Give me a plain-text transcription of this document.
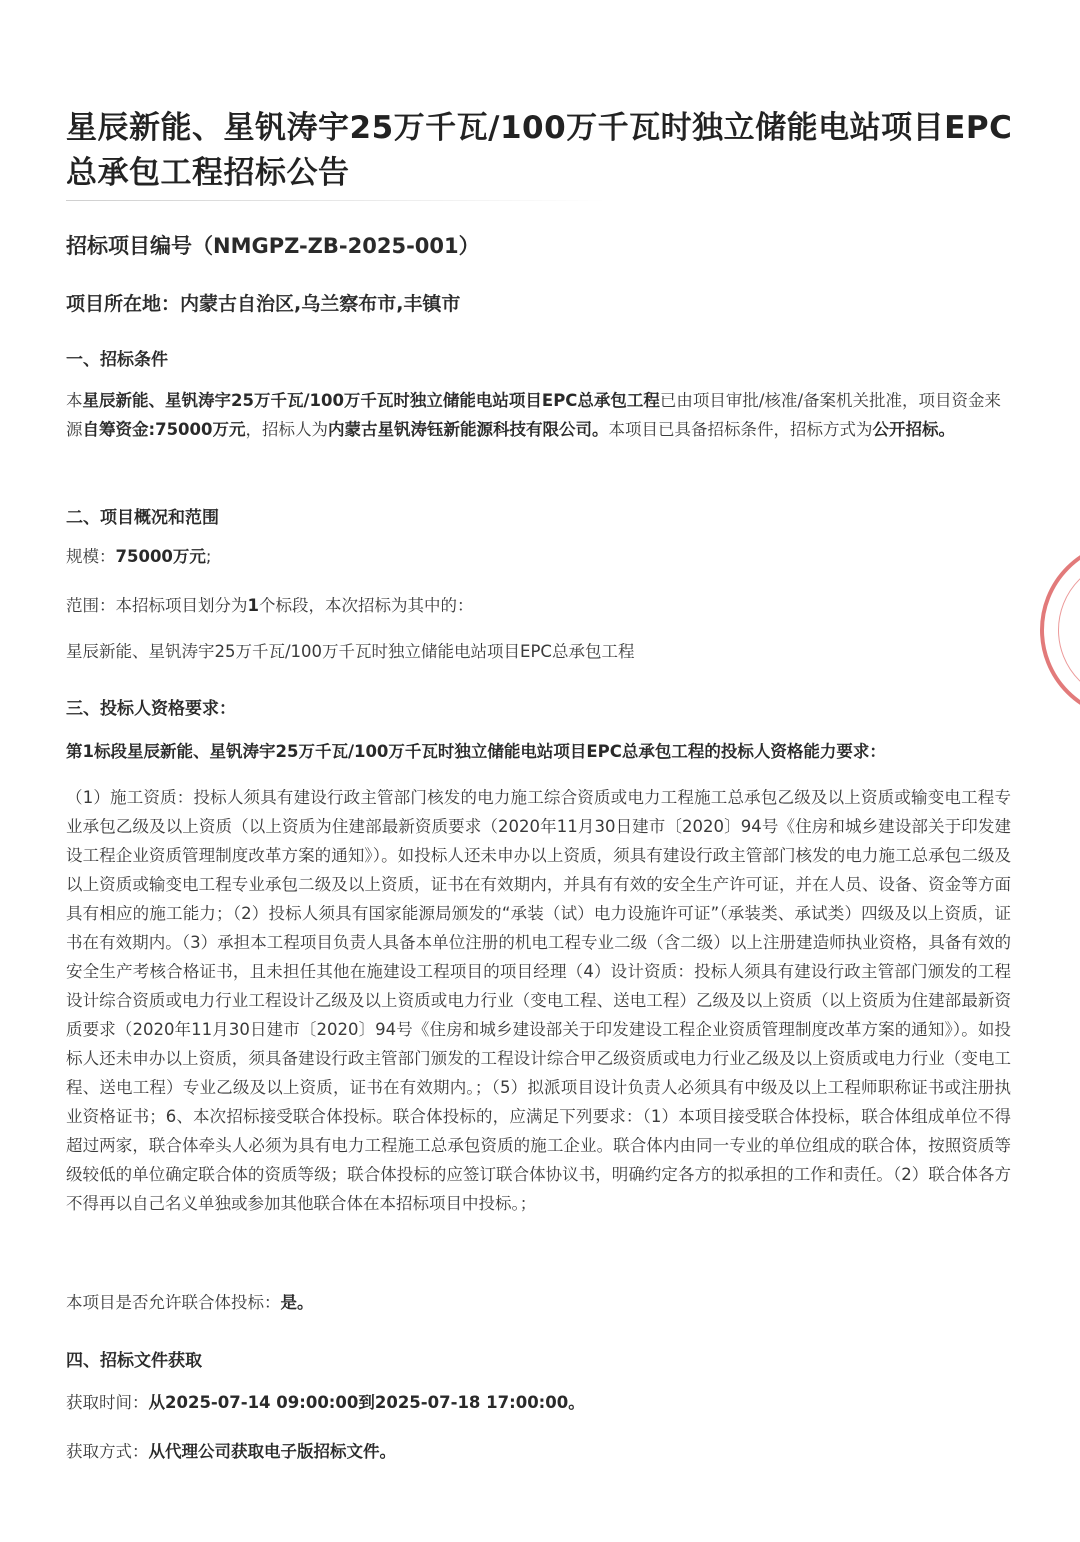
星辰新能、星钒涛宇25万千瓦/100万千瓦时独立储能电站项目EPC总承包工程招标公告
招标项目编号（NMGPZ-ZB-2025-001）
项目所在地：内蒙古自治区,乌兰察布市,丰镇市
一、招标条件
本星辰新能、星钒涛宇25万千瓦/100万千瓦时独立储能电站项目EPC总承包工程已由项目审批/核准/备案机关批准，项目资金来源自筹资金:75000万元，招标人为内蒙古星钒涛钰新能源科技有限公司。本项目已具备招标条件，招标方式为公开招标。
二、项目概况和范围
规模：75000万元;
范围：本招标项目划分为1个标段，本次招标为其中的：
星辰新能、星钒涛宇25万千瓦/100万千瓦时独立储能电站项目EPC总承包工程
三、投标人资格要求：
第1标段星辰新能、星钒涛宇25万千瓦/100万千瓦时独立储能电站项目EPC总承包工程的投标人资格能力要求：
（1）施工资质：投标人须具有建设行政主管部门核发的电力施工综合资质或电力工程施工总承包乙级及以上资质或输变电工程专业承包乙级及以上资质（以上资质为住建部最新资质要求（2020年11月30日建市〔2020〕94号《住房和城乡建设部关于印发建设工程企业资质管理制度改革方案的通知》）。如投标人还未申办以上资质，须具有建设行政主管部门核发的电力施工总承包二级及以上资质或输变电工程专业承包二级及以上资质，证书在有效期内，并具有有效的安全生产许可证，并在人员、设备、资金等方面具有相应的施工能力；（2）投标人须具有国家能源局颁发的“承装（试）电力设施许可证”（承装类、承试类）四级及以上资质，证书在有效期内。（3）承担本工程项目负责人具备本单位注册的机电工程专业二级（含二级）以上注册建造师执业资格，具备有效的安全生产考核合格证书，且未担任其他在施建设工程项目的项目经理（4）设计资质：投标人须具有建设行政主管部门颁发的工程设计综合资质或电力行业工程设计乙级及以上资质或电力行业（变电工程、送电工程）乙级及以上资质（以上资质为住建部最新资质要求（2020年11月30日建市〔2020〕94号《住房和城乡建设部关于印发建设工程企业资质管理制度改革方案的通知》）。如投标人还未申办以上资质，须具备建设行政主管部门颁发的工程设计综合甲乙级资质或电力行业乙级及以上资质或电力行业（变电工程、送电工程）专业乙级及以上资质，证书在有效期内。；（5）拟派项目设计负责人必须具有中级及以上工程师职称证书或注册执业资格证书；6、本次招标接受联合体投标。联合体投标的，应满足下列要求：（1）本项目接受联合体投标，联合体组成单位不得超过两家，联合体牵头人必须为具有电力工程施工总承包资质的施工企业。联合体内由同一专业的单位组成的联合体，按照资质等级较低的单位确定联合体的资质等级；联合体投标的应签订联合体协议书，明确约定各方的拟承担的工作和责任。（2）联合体各方不得再以自己名义单独或参加其他联合体在本招标项目中投标。；
本项目是否允许联合体投标：是。
四、招标文件获取
获取时间：从2025-07-14 09:00:00到2025-07-18 17:00:00。
获取方式：从代理公司获取电子版招标文件。
